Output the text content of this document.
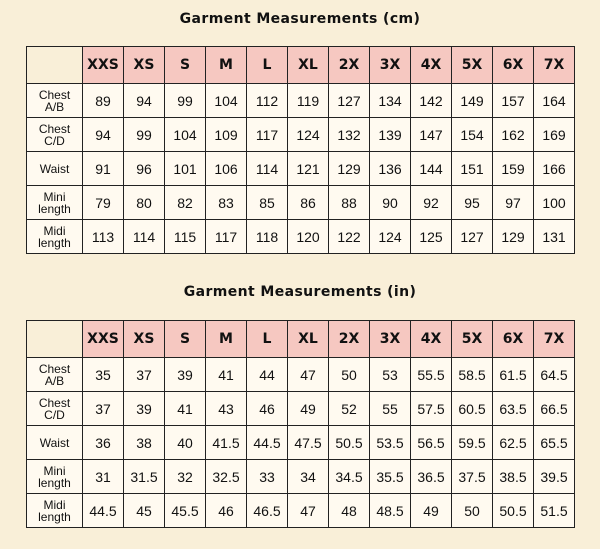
Garment Measurements (cm)
	XXS	XS	S	M	L	XL	2X	3X	4X	5X	6X	7X

Chest
A/B	89	94	99	104	112	119	127	134	142	149	157	164

Chest
C/D	94	99	104	109	117	124	132	139	147	154	162	169

Waist	91	96	101	106	114	121	129	136	144	151	159	166

Mini
length	79	80	82	83	85	86	88	90	92	95	97	100

Midi
length	113	114	115	117	118	120	122	124	125	127	129	131
Garment Measurements (in)
	XXS	XS	S	M	L	XL	2X	3X	4X	5X	6X	7X

Chest
A/B	35	37	39	41	44	47	50	53	55.5	58.5	61.5	64.5

Chest
C/D	37	39	41	43	46	49	52	55	57.5	60.5	63.5	66.5

Waist	36	38	40	41.5	44.5	47.5	50.5	53.5	56.5	59.5	62.5	65.5

Mini
length	31	31.5	32	32.5	33	34	34.5	35.5	36.5	37.5	38.5	39.5

Midi
length	44.5	45	45.5	46	46.5	47	48	48.5	49	50	50.5	51.5
